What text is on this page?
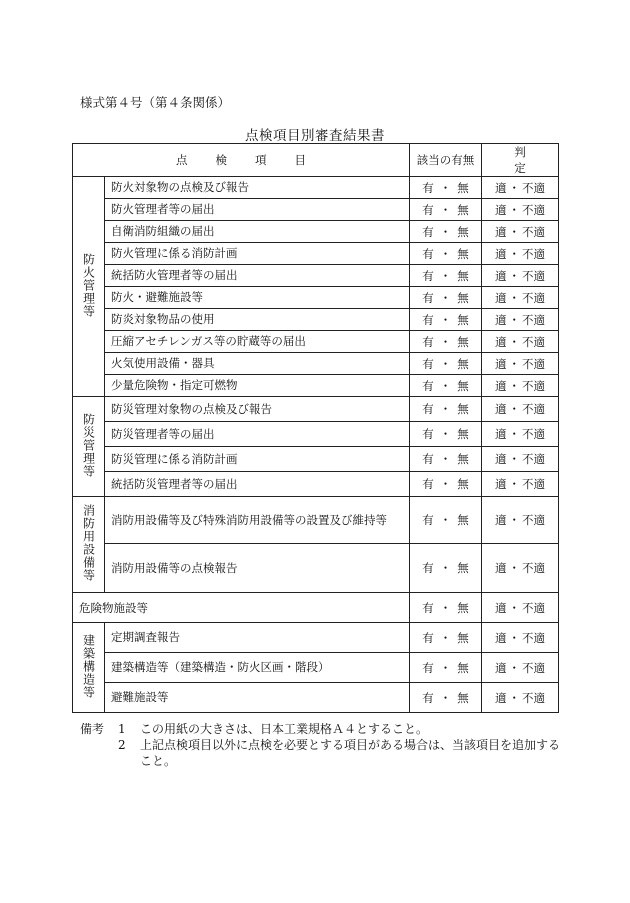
様式第４号（第４条関係）
点検項目別審査結果書
点 検 項 目		該当の有無	判定
防火管理等	防火対象物の点検及び報告	有 ・ 無	適 ・ 不適
	防火管理者等の届出	有 ・ 無	適 ・ 不適
	自衛消防組織の届出	有 ・ 無	適 ・ 不適
	防火管理に係る消防計画	有 ・ 無	適 ・ 不適
	統括防火管理者等の届出	有 ・ 無	適 ・ 不適
	防火・避難施設等	有 ・ 無	適 ・ 不適
	防炎対象物品の使用	有 ・ 無	適 ・ 不適
	圧縮アセチレンガス等の貯蔵等の届出	有 ・ 無	適 ・ 不適
	火気使用設備・器具	有 ・ 無	適 ・ 不適
	少量危険物・指定可燃物	有 ・ 無	適 ・ 不適
防災管理等	防災管理対象物の点検及び報告	有 ・ 無	適 ・ 不適
	防災管理者等の届出	有 ・ 無	適 ・ 不適
	防災管理に係る消防計画	有 ・ 無	適 ・ 不適
	統括防災管理者等の届出	有 ・ 無	適 ・ 不適
消防用設備等	消防用設備等及び特殊消防用設備等の設置及び維持等	有 ・ 無	適 ・ 不適
	消防用設備等の点検報告	有 ・ 無	適 ・ 不適
危険物施設等		有 ・ 無	適 ・ 不適
建築構造等	定期調査報告	有 ・ 無	適 ・ 不適
	建築構造等（建築構造・防火区画・階段）	有 ・ 無	適 ・ 不適
	避難施設等	有 ・ 無	適 ・ 不適
備考	1	この用紙の大きさは、日本工業規格Ａ４とすること。
2	上記点検項目以外に点検を必要とする項目がある場合は、当該項目を追加すること。
